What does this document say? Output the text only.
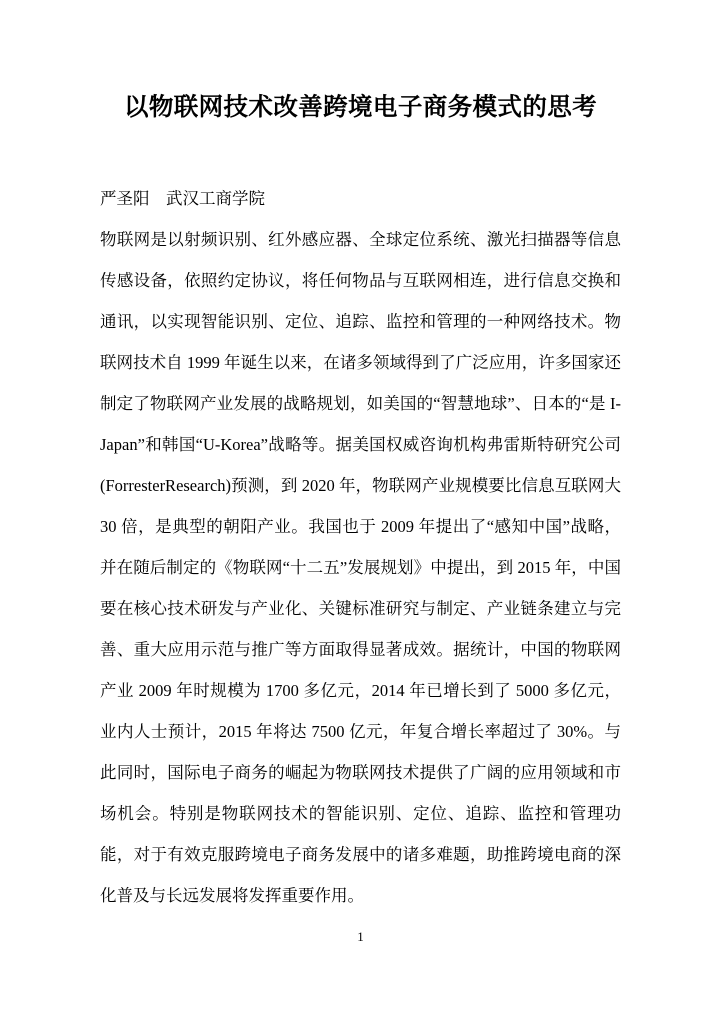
以物联网技术改善跨境电子商务模式的思考

严圣阳　武汉工商学院

物联网是以射频识别、红外感应器、全球定位系统、激光扫描器等信息传感设备，依照约定协议，将任何物品与互联网相连，进行信息交换和通讯，以实现智能识别、定位、追踪、监控和管理的一种网络技术。物联网技术自 1999 年诞生以来，在诸多领域得到了广泛应用，许多国家还制定了物联网产业发展的战略规划，如美国的“智慧地球”、日本的“是 I-Japan”和韩国“U-Korea”战略等。据美国权威咨询机构弗雷斯特研究公司(ForresterResearch)预测，到 2020 年，物联网产业规模要比信息互联网大 30 倍，是典型的朝阳产业。我国也于 2009 年提出了“感知中国”战略，并在随后制定的《物联网“十二五”发展规划》中提出，到 2015 年，中国要在核心技术研发与产业化、关键标准研究与制定、产业链条建立与完善、重大应用示范与推广等方面取得显著成效。据统计，中国的物联网产业 2009 年时规模为 1700 多亿元，2014 年已增长到了 5000 多亿元，业内人士预计，2015 年将达 7500 亿元，年复合增长率超过了 30%。与此同时，国际电子商务的崛起为物联网技术提供了广阔的应用领域和市场机会。特别是物联网技术的智能识别、定位、追踪、监控和管理功能，对于有效克服跨境电子商务发展中的诸多难题，助推跨境电商的深化普及与长远发展将发挥重要作用。

1
